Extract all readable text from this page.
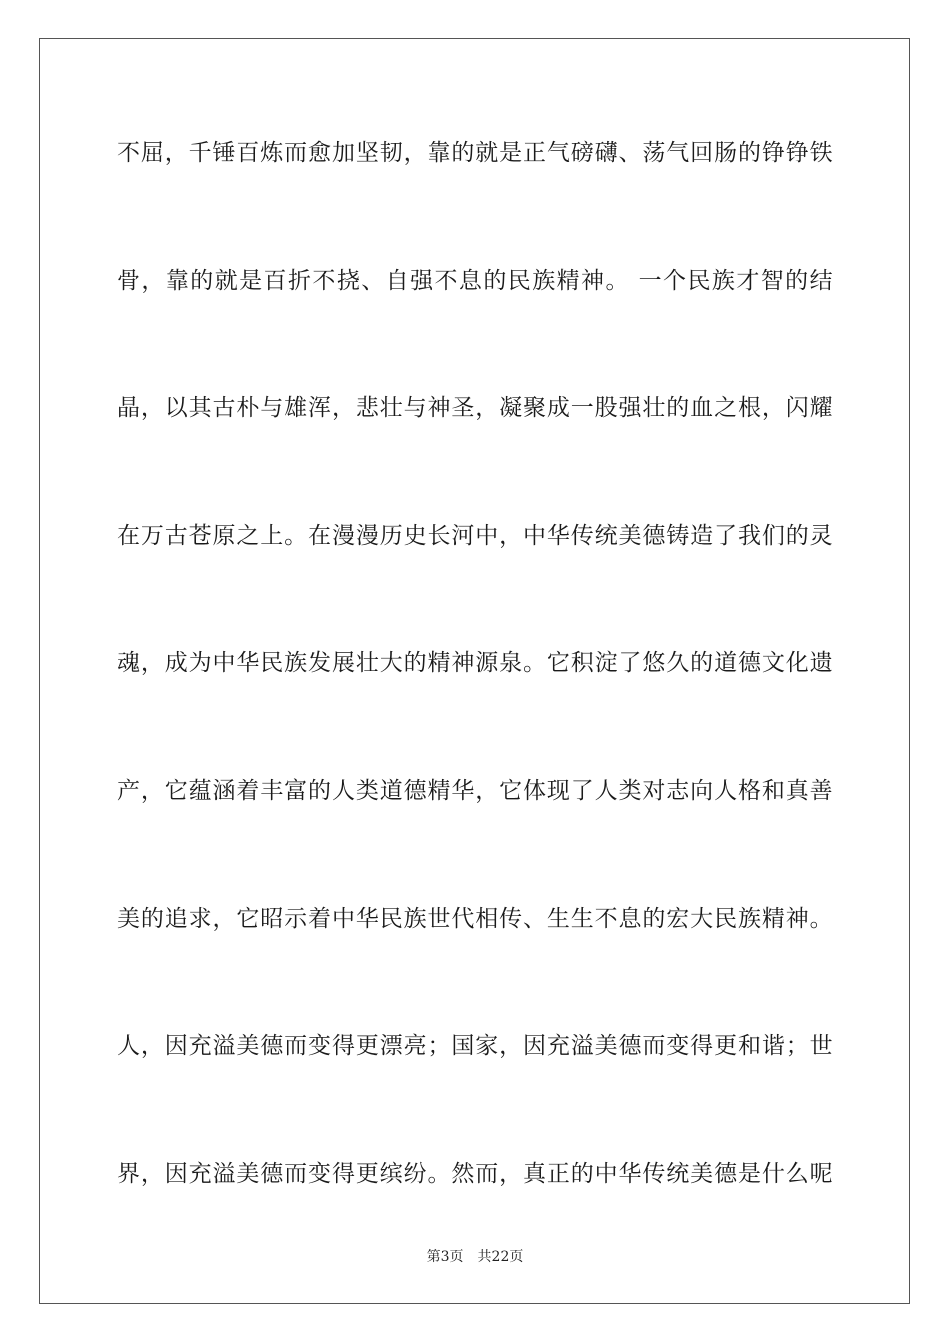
不屈，千锤百炼而愈加坚韧，靠的就是正气磅礴、荡气回肠的铮铮铁
骨，靠的就是百折不挠、自强不息的民族精神。 一个民族才智的结
晶，以其古朴与雄浑，悲壮与神圣，凝聚成一股强壮的血之根，闪耀
在万古苍原之上。在漫漫历史长河中，中华传统美德铸造了我们的灵
魂，成为中华民族发展壮大的精神源泉。它积淀了悠久的道德文化遗
产，它蕴涵着丰富的人类道德精华，它体现了人类对志向人格和真善
美的追求，它昭示着中华民族世代相传、生生不息的宏大民族精神。
人，因充溢美德而变得更漂亮；国家，因充溢美德而变得更和谐；世
界，因充溢美德而变得更缤纷。然而，真正的中华传统美德是什么呢
第3页 共22页
